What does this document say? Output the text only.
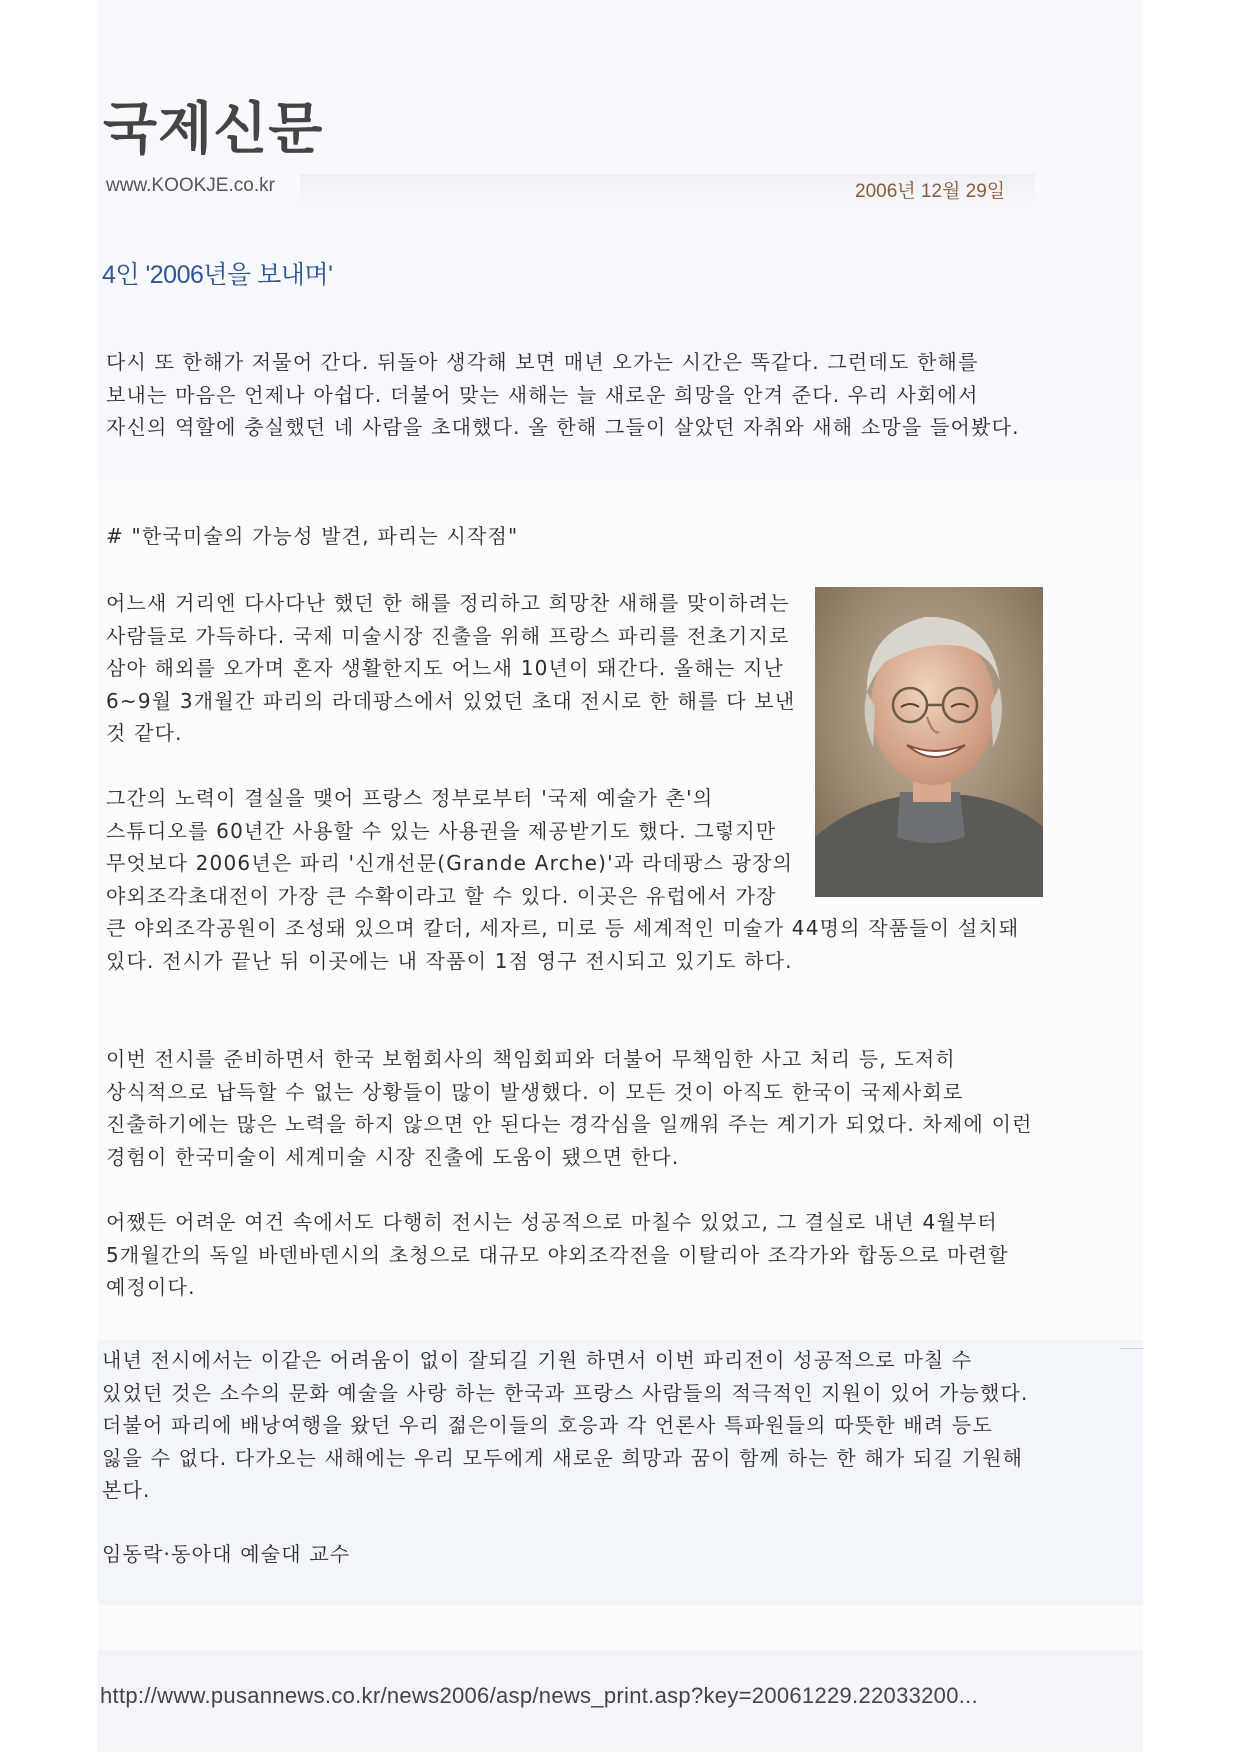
국제신문
www.KOOKJE.co.kr	2006년 12월 29일
4인 '2006년을 보내며'

다시 또 한해가 저물어 간다. 뒤돌아 생각해 보면 매년 오가는 시간은 똑같다. 그런데도 한해를 보내는 마음은 언제나 아쉽다. 더불어 맞는 새해는 늘 새로운 희망을 안겨 준다. 우리 사회에서 자신의 역할에 충실했던 네 사람을 초대했다. 올 한해 그들이 살았던 자취와 새해 소망을 들어봤다.

# "한국미술의 가능성 발견, 파리는 시작점"

어느새 거리엔 다사다난 했던 한 해를 정리하고 희망찬 새해를 맞이하려는 사람들로 가득하다. 국제 미술시장 진출을 위해 프랑스 파리를 전초기지로 삼아 해외를 오가며 혼자 생활한지도 어느새 10년이 돼간다. 올해는 지난 6~9월 3개월간 파리의 라데팡스에서 있었던 초대 전시로 한 해를 다 보낸 것 같다.

그간의 노력이 결실을 맺어 프랑스 정부로부터 '국제 예술가 촌'의 스튜디오를 60년간 사용할 수 있는 사용권을 제공받기도 했다. 그렇지만 무엇보다 2006년은 파리 '신개선문(Grande Arche)'과 라데팡스 광장의 야외조각초대전이 가장 큰 수확이라고 할 수 있다. 이곳은 유럽에서 가장 큰 야외조각공원이 조성돼 있으며 칼더, 세자르, 미로 등 세계적인 미술가 44명의 작품들이 설치돼 있다. 전시가 끝난 뒤 이곳에는 내 작품이 1점 영구 전시되고 있기도 하다.

이번 전시를 준비하면서 한국 보험회사의 책임회피와 더불어 무책임한 사고 처리 등, 도저히 상식적으로 납득할 수 없는 상황들이 많이 발생했다. 이 모든 것이 아직도 한국이 국제사회로 진출하기에는 많은 노력을 하지 않으면 안 된다는 경각심을 일깨워 주는 계기가 되었다. 차제에 이런 경험이 한국미술이 세계미술 시장 진출에 도움이 됐으면 한다.

어쨌든 어려운 여건 속에서도 다행히 전시는 성공적으로 마칠수 있었고, 그 결실로 내년 4월부터 5개월간의 독일 바덴바덴시의 초청으로 대규모 야외조각전을 이탈리아 조각가와 합동으로 마련할 예정이다.

내년 전시에서는 이같은 어려움이 없이 잘되길 기원 하면서 이번 파리전이 성공적으로 마칠 수 있었던 것은 소수의 문화 예술을 사랑 하는 한국과 프랑스 사람들의 적극적인 지원이 있어 가능했다. 더불어 파리에 배낭여행을 왔던 우리 젊은이들의 호응과 각 언론사 특파원들의 따뜻한 배려 등도 잃을 수 없다. 다가오는 새해에는 우리 모두에게 새로운 희망과 꿈이 함께 하는 한 해가 되길 기원해 본다.

임동락·동아대 예술대 교수
http://www.pusannews.co.kr/news2006/asp/news_print.asp?key=20061229.22033200...
